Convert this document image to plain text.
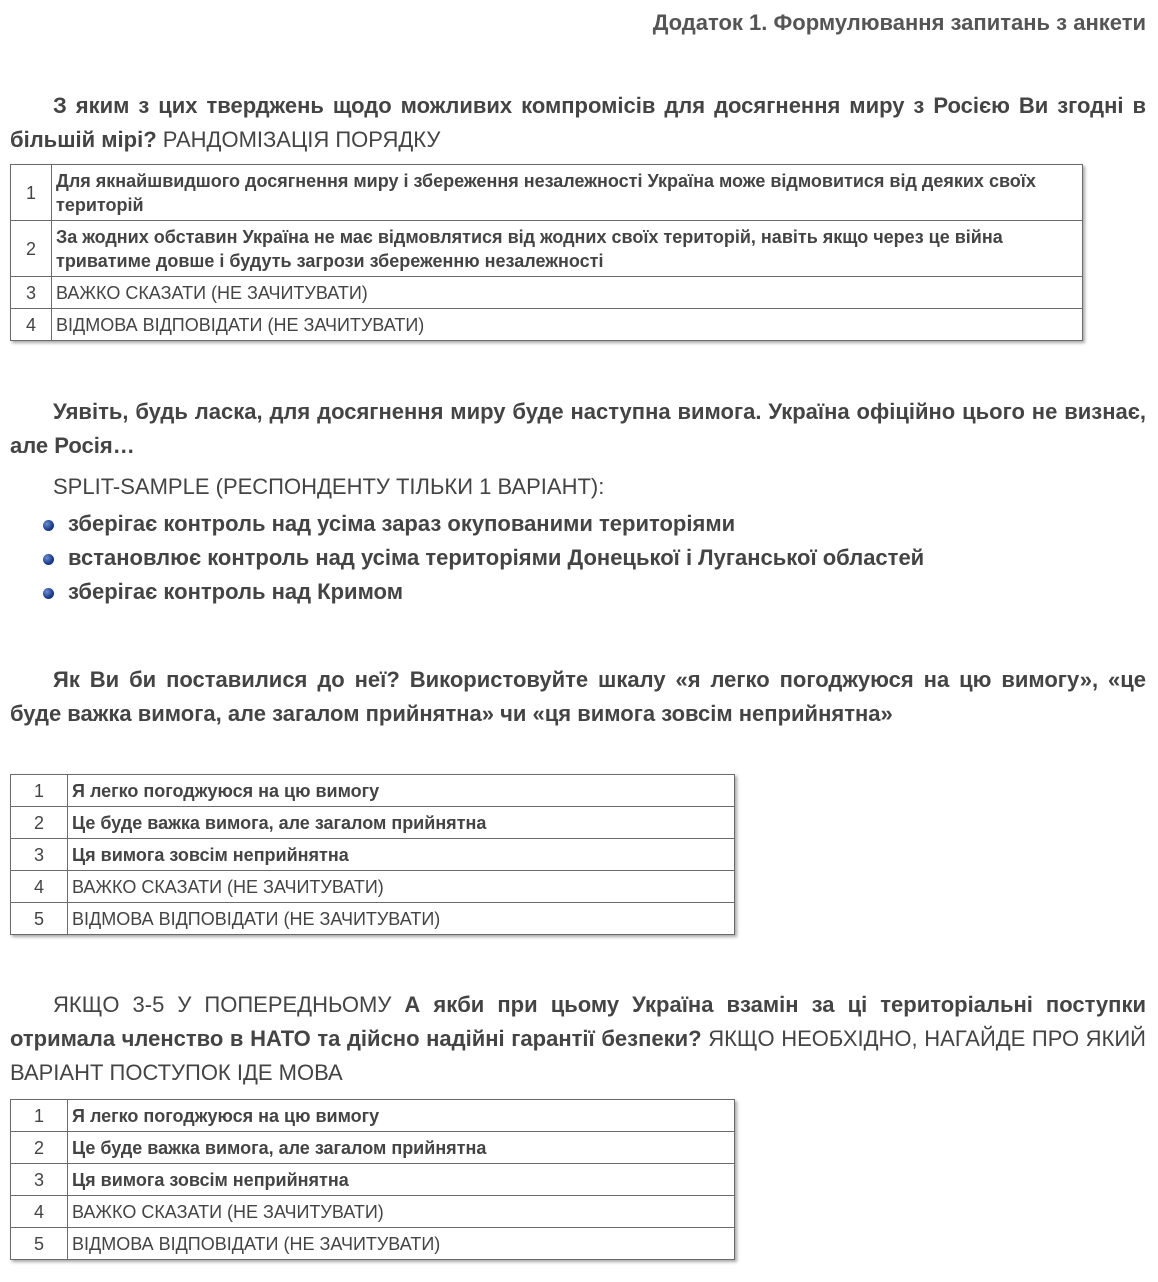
Додаток 1. Формулювання запитань з анкети

З яким з цих тверджень щодо можливих компромісів для досягнення миру з Росією Ви згодні в більшій мірі? РАНДОМІЗАЦІЯ ПОРЯДКУ

1	Для якнайшвидшого досягнення миру і збереження незалежності Україна може відмовитися від деяких своїх територій
2	За жодних обставин Україна не має відмовлятися від жодних своїх територій, навіть якщо через це війна триватиме довше і будуть загрози збереженню незалежності
3	ВАЖКО СКАЗАТИ (НЕ ЗАЧИТУВАТИ)
4	ВІДМОВА ВІДПОВІДАТИ (НЕ ЗАЧИТУВАТИ)

Уявіть, будь ласка, для досягнення миру буде наступна вимога. Україна офіційно цього не визнає, але Росія…

SPLIT-SAMPLE (РЕСПОНДЕНТУ ТІЛЬКИ 1 ВАРІАНТ):
зберігає контроль над усіма зараз окупованими територіями
встановлює контроль над усіма територіями Донецької і Луганської областей
зберігає контроль над Кримом

Як Ви би поставилися до неї? Використовуйте шкалу «я легко погоджуюся на цю вимогу», «це буде важка вимога, але загалом прийнятна» чи «ця вимога зовсім неприйнятна»

1	Я легко погоджуюся на цю вимогу
2	Це буде важка вимога, але загалом прийнятна
3	Ця вимога зовсім неприйнятна
4	ВАЖКО СКАЗАТИ (НЕ ЗАЧИТУВАТИ)
5	ВІДМОВА ВІДПОВІДАТИ (НЕ ЗАЧИТУВАТИ)

ЯКЩО 3-5 У ПОПЕРЕДНЬОМУ А якби при цьому Україна взамін за ці територіальні поступки отримала членство в НАТО та дійсно надійні гарантії безпеки? ЯКЩО НЕОБХІДНО, НАГАЙДЕ ПРО ЯКИЙ ВАРІАНТ ПОСТУПОК ІДЕ МОВА

1	Я легко погоджуюся на цю вимогу
2	Це буде важка вимога, але загалом прийнятна
3	Ця вимога зовсім неприйнятна
4	ВАЖКО СКАЗАТИ (НЕ ЗАЧИТУВАТИ)
5	ВІДМОВА ВІДПОВІДАТИ (НЕ ЗАЧИТУВАТИ)
